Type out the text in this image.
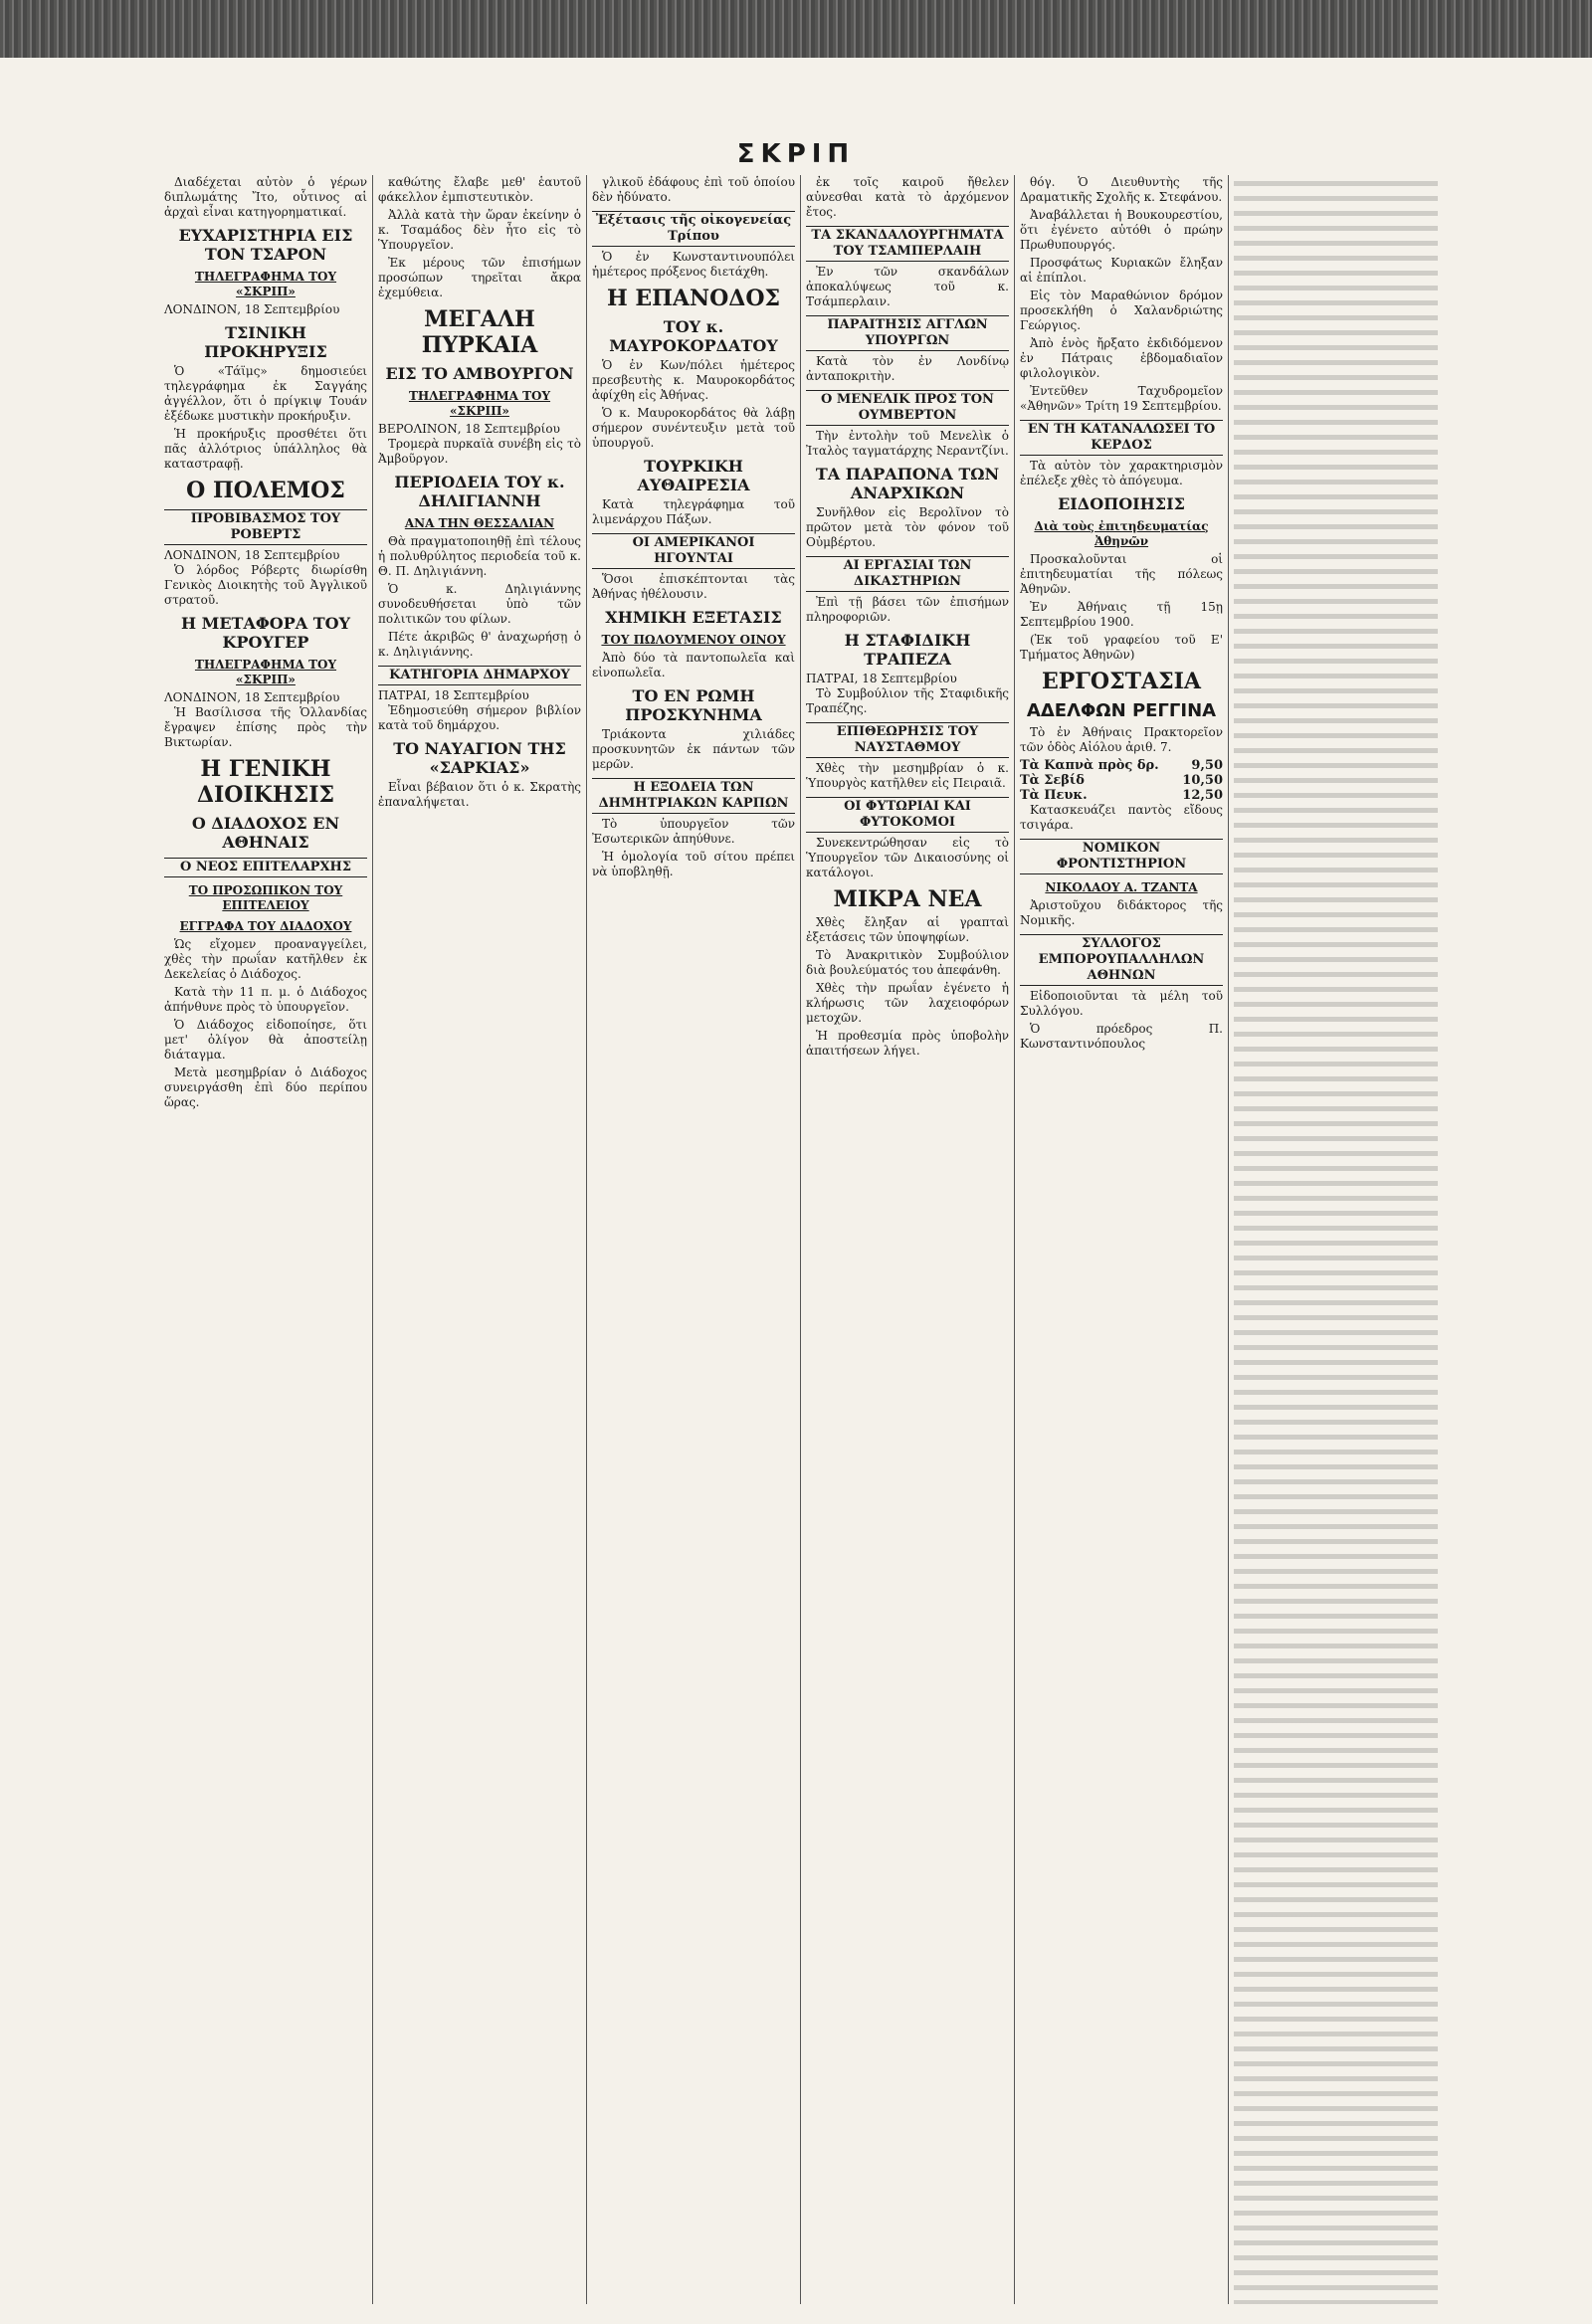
ΣΚΡΙΠ

Διαδέχεται αὐτὸν ὁ γέρων διπλωμάτης Ἴτο, οὗτινος αἱ ἀρχαὶ εἶναι κατηγορηματικαί.

ΕΥΧΑΡΙΣΤΗΡΙΑ ΕΙΣ ΤΟΝ ΤΣΑΡΟΝ
ΤΗΛΕΓΡΑΦΗΜΑ ΤΟΥ «ΣΚΡΙΠ»
ΛΟΝΔΙΝΟΝ, 18 Σεπτεμβρίου
ΤΣΙΝΙΚΗ ΠΡΟΚΗΡΥΞΙΣ

Ὁ «Τάϊμς» δημοσιεύει τηλεγράφημα ἐκ Σαγγάης ἀγγέλλον, ὅτι ὁ πρίγκιψ Τουάν ἐξέδωκε μυστικὴν προκήρυξιν.

Ἡ προκήρυξις προσθέτει ὅτι πᾶς ἀλλότριος ὑπάλληλος θὰ καταστραφῇ.

Ο ΠΟΛΕΜΟΣ
ΠΡΟΒΙΒΑΣΜΟΣ ΤΟΥ ΡΟΒΕΡΤΣ
ΛΟΝΔΙΝΟΝ, 18 Σεπτεμβρίου

Ὁ λόρδος Ρόβερτς διωρίσθη Γενικὸς Διοικητὴς τοῦ Ἀγγλικοῦ στρατοῦ.

Η ΜΕΤΑΦΟΡΑ ΤΟΥ ΚΡΟΥΓΕΡ
ΤΗΛΕΓΡΑΦΗΜΑ ΤΟΥ «ΣΚΡΙΠ»
ΛΟΝΔΙΝΟΝ, 18 Σεπτεμβρίου

Ἡ Βασίλισσα τῆς Ὁλλανδίας ἔγραψεν ἐπίσης πρὸς τὴν Βικτωρίαν.

Η ΓΕΝΙΚΗ ΔΙΟΙΚΗΣΙΣ
Ο ΔΙΑΔΟΧΟΣ ΕΝ ΑΘΗΝΑΙΣ
Ο ΝΕΟΣ ΕΠΙΤΕΛΑΡΧΗΣ
ΤΟ ΠΡΟΣΩΠΙΚΟΝ ΤΟΥ ΕΠΙΤΕΛΕΙΟΥ
ΕΓΓΡΑΦΑ ΤΟΥ ΔΙΑΔΟΧΟΥ

Ὡς εἴχομεν προαναγγείλει, χθὲς τὴν πρωΐαν κατῆλθεν ἐκ Δεκελείας ὁ Διάδοχος.

Κατὰ τὴν 11 π. μ. ὁ Διάδοχος ἀπήνθυνε πρὸς τὸ ὑπουργεῖον.

Ὁ Διάδοχος εἰδοποίησε, ὅτι μετ' ὀλίγον θὰ ἀποστείλῃ διάταγμα.

Μετὰ μεσημβρίαν ὁ Διάδοχος συνειργάσθη ἐπὶ δύο περίπου ὥρας.

καθώτης ἔλαβε μεθ' ἑαυτοῦ φάκελλον ἐμπιστευτικὸν.

Ἀλλὰ κατὰ τὴν ὥραν ἐκείνην ὁ κ. Τσαμάδος δὲν ἦτο εἰς τὸ Ὑπουργεῖον.

Ἐκ μέρους τῶν ἐπισήμων προσώπων τηρεῖται ἄκρα ἐχεμύθεια.

ΜΕΓΑΛΗ ΠΥΡΚΑΙΑ
ΕΙΣ ΤΟ ΑΜΒΟΥΡΓΟΝ
ΤΗΛΕΓΡΑΦΗΜΑ ΤΟΥ «ΣΚΡΙΠ»
ΒΕΡΟΛΙΝΟΝ, 18 Σεπτεμβρίου

Τρομερὰ πυρκαϊὰ συνέβη εἰς τὸ Ἀμβοῦργον.

ΠΕΡΙΟΔΕΙΑ ΤΟΥ κ. ΔΗΛΙΓΙΑΝΝΗ
ΑΝΑ ΤΗΝ ΘΕΣΣΑΛΙΑΝ

Θὰ πραγματοποιηθῇ ἐπὶ τέλους ἡ πολυθρύλητος περιοδεία τοῦ κ. Θ. Π. Δηλιγιάννη.

Ὁ κ. Δηλιγιάννης συνοδευθήσεται ὑπὸ τῶν πολιτικῶν του φίλων.

Πέτε ἀκριβῶς θ' ἀναχωρήσῃ ὁ κ. Δηλιγιάννης.

ΚΑΤΗΓΟΡΙΑ ΔΗΜΑΡΧΟΥ
ΠΑΤΡΑΙ, 18 Σεπτεμβρίου

Ἐδημοσιεύθη σήμερον βιβλίον κατὰ τοῦ δημάρχου.

ΤΟ ΝΑΥΑΓΙΟΝ ΤΗΣ «ΣΑΡΚΙΑΣ»

Εἶναι βέβαιον ὅτι ὁ κ. Σκρατὴς ἐπαναλήψεται.

γλικοῦ ἐδάφους ἐπὶ τοῦ ὁποίου δὲν ἠδύνατο.

Ἐξέτασις τῆς οἰκογενείας Τρίπου

Ὁ ἐν Κωνσταντινουπόλει ἡμέτερος πρόξενος διετάχθη.

Η ΕΠΑΝΟΔΟΣ
ΤΟΥ κ. ΜΑΥΡΟΚΟΡΔΑΤΟΥ

Ὁ ἐν Κων/πόλει ἡμέτερος πρεσβευτὴς κ. Μαυροκορδάτος ἀφίχθη εἰς Ἀθήνας.

Ὁ κ. Μαυροκορδάτος θὰ λάβῃ σήμερον συνέντευξιν μετὰ τοῦ ὑπουργοῦ.

ΤΟΥΡΚΙΚΗ ΑΥΘΑΙΡΕΣΙΑ

Κατὰ τηλεγράφημα τοῦ λιμενάρχου Πάξων.

ΟΙ ΑΜΕΡΙΚΑΝΟΙ ΗΓΟΥΝΤΑΙ

Ὅσοι ἐπισκέπτονται τὰς Ἀθήνας ἠθέλουσιν.

ΧΗΜΙΚΗ ΕΞΕΤΑΣΙΣ
ΤΟΥ ΠΩΛΟΥΜΕΝΟΥ ΟΙΝΟΥ

Ἀπὸ δύο τὰ παντοπωλεῖα καὶ εἰνοπωλεῖα.

ΤΟ ΕΝ ΡΩΜΗ ΠΡΟΣΚΥΝΗΜΑ

Τριάκοντα χιλιάδες προσκυνητῶν ἐκ πάντων τῶν μερῶν.

Η ΕΞΟΔΕΙΑ ΤΩΝ ΔΗΜΗΤΡΙΑΚΩΝ ΚΑΡΠΩΝ

Τὸ ὑπουργεῖον τῶν Ἐσωτερικῶν ἀπηύθυνε.

Ἡ ὁμολογία τοῦ σίτου πρέπει νὰ ὑποβληθῇ.

ἐκ τοῖς καιροῦ ἤθελεν αὐνεσθαι κατὰ τὸ ἀρχόμενον ἔτος.

ΤΑ ΣΚΑΝΔΑΛΟΥΡΓΗΜΑΤΑ ΤΟΥ ΤΣΑΜΠΕΡΛΑΙΗ

Ἐν τῶν σκανδάλων ἀποκαλύψεως τοῦ κ. Τσάμπερλαιν.

ΠΑΡΑΙΤΗΣΙΣ ΑΓΓΛΩΝ ΥΠΟΥΡΓΩΝ

Κατὰ τὸν ἐν Λονδίνῳ ἀνταποκριτὴν.

Ο ΜΕΝΕΛΙΚ ΠΡΟΣ ΤΟΝ ΟΥΜΒΕΡΤΟΝ

Τὴν ἐντολὴν τοῦ Μενελὶκ ὁ Ἰταλὸς ταγματάρχης Νεραντζίνι.

ΤΑ ΠΑΡΑΠΟΝΑ ΤΩΝ ΑΝΑΡΧΙΚΩΝ

Συνῆλθον εἰς Βερολῖνον τὸ πρῶτον μετὰ τὸν φόνον τοῦ Οὐμβέρτου.

ΑΙ ΕΡΓΑΣΙΑΙ ΤΩΝ ΔΙΚΑΣΤΗΡΙΩΝ

Ἐπὶ τῇ βάσει τῶν ἐπισήμων πληροφοριῶν.

Η ΣΤΑΦΙΔΙΚΗ ΤΡΑΠΕΖΑ
ΠΑΤΡΑΙ, 18 Σεπτεμβρίου

Τὸ Συμβούλιον τῆς Σταφιδικῆς Τραπέζης.

ΕΠΙΘΕΩΡΗΣΙΣ ΤΟΥ ΝΑΥΣΤΑΘΜΟΥ

Χθὲς τὴν μεσημβρίαν ὁ κ. Ὑπουργὸς κατῆλθεν εἰς Πειραιᾶ.

ΟΙ ΦΥΤΩΡΙΑΙ ΚΑΙ ΦΥΤΟΚΟΜΟΙ

Συνεκεντρώθησαν εἰς τὸ Ὑπουργεῖον τῶν Δικαιοσύνης οἱ κατάλογοι.

ΜΙΚΡΑ ΝΕΑ

Χθὲς ἔληξαν αἱ γραπταὶ ἐξετάσεις τῶν ὑποψηφίων.

Τὸ Ἀνακριτικὸν Συμβούλιον διὰ βουλεύματός του ἀπεφάνθη.

Χθὲς τὴν πρωΐαν ἐγένετο ἡ κλήρωσις τῶν λαχειοφόρων μετοχῶν.

Ἡ προθεσμία πρὸς ὑποβολὴν ἀπαιτήσεων λήγει.

θόγ. Ὁ Διευθυντὴς τῆς Δραματικῆς Σχολῆς κ. Στεφάνου.

Ἀναβάλλεται ἡ Βουκουρεστίου, ὅτι ἐγένετο αὐτόθι ὁ πρώην Πρωθυπουργός.

Προσφάτως Κυριακῶν ἔληξαν αἱ ἐπίπλοι.

Εἰς τὸν Μαραθώνιον δρόμον προσεκλήθη ὁ Χαλανδριώτης Γεώργιος.

Ἀπὸ ἑνὸς ἤρξατο ἐκδιδόμενον ἐν Πάτραις ἑβδομαδιαῖον φιλολογικὸν.

Ἐντεῦθεν Ταχυδρομεῖον «Ἀθηνῶν» Τρίτη 19 Σεπτεμβρίου.

ΕΝ ΤΗ ΚΑΤΑΝΑΛΩΣΕΙ ΤΟ ΚΕΡΔΟΣ

Τὰ αὐτὸν τὸν χαρακτηρισμὸν ἐπέλεξε χθὲς τὸ ἀπόγευμα.

ΕΙΔΟΠΟΙΗΣΙΣ
Διὰ τοὺς ἐπιτηδευματίας Ἀθηνῶν

Προσκαλοῦνται οἱ ἐπιτηδευματίαι τῆς πόλεως Ἀθηνῶν.

Ἐν Ἀθήναις τῇ 15ῃ Σεπτεμβρίου 1900.

(Ἐκ τοῦ γραφείου τοῦ Ε' Τμήματος Ἀθηνῶν)

ΕΡΓΟΣΤΑΣΙΑ
ΑΔΕΛΦΩΝ ΡΕΓΓΙΝΑ

Τὸ ἐν Ἀθήναις Πρακτορεῖον τῶν ὁδὸς Αἰόλου ἀριθ. 7.

Τὰ Καπνὰ πρὸς δρ.	9,50
Τὰ Σεβίδ	10,50
Τὰ Πευκ.	12,50

Κατασκευάζει παντὸς εἴδους τσιγάρα.

ΝΟΜΙΚΟΝ ΦΡΟΝΤΙΣΤΗΡΙΟΝ
ΝΙΚΟΛΑΟΥ Α. ΤΖΑΝΤΑ

Ἀριστοῦχου διδάκτορος τῆς Νομικῆς.

ΣΥΛΛΟΓΟΣ ΕΜΠΟΡΟΥΠΑΛΛΗΛΩΝ ΑΘΗΝΩΝ

Εἰδοποιοῦνται τὰ μέλη τοῦ Συλλόγου.

Ὁ πρόεδρος Π. Κωνσταντινόπουλος
